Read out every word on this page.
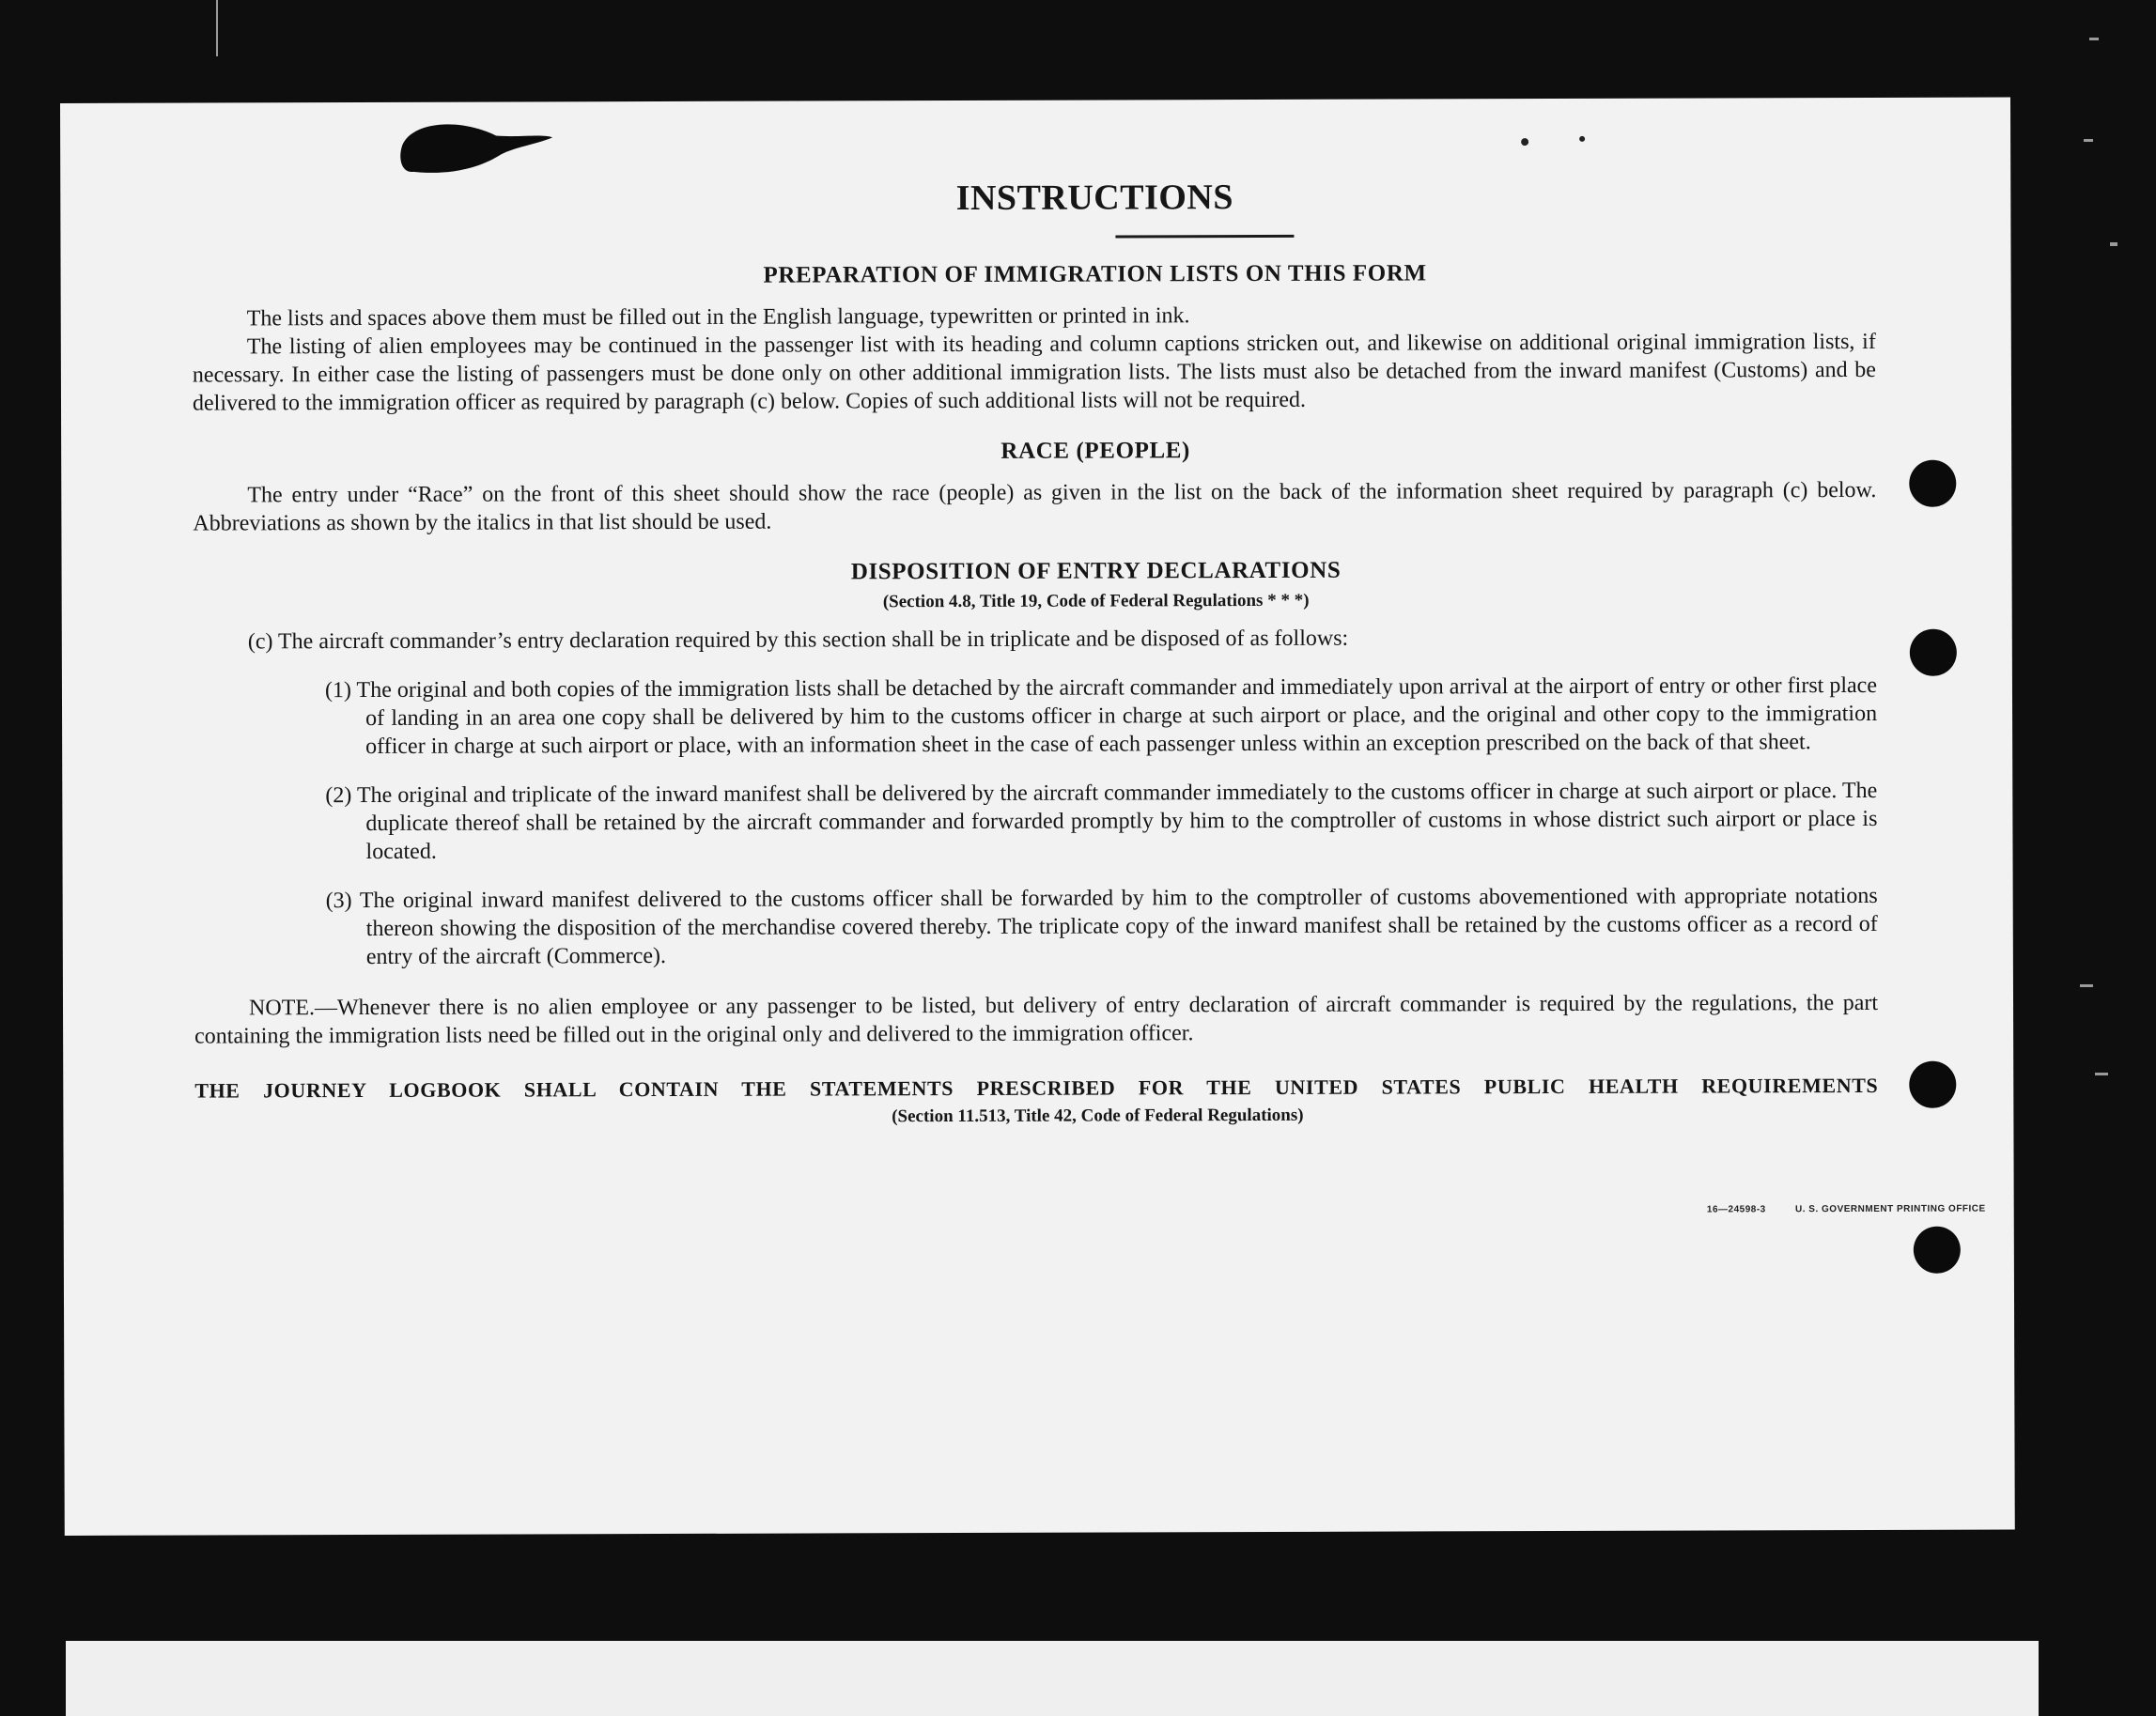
INSTRUCTIONS
PREPARATION OF IMMIGRATION LISTS ON THIS FORM

The lists and spaces above them must be filled out in the English language, typewritten or printed in ink.

The listing of alien employees may be continued in the passenger list with its heading and column captions stricken out, and likewise on additional original immigration lists, if necessary. In either case the listing of passengers must be done only on other additional immigration lists. The lists must also be detached from the inward manifest (Customs) and be delivered to the immigration officer as required by paragraph (c) below. Copies of such additional lists will not be required.

RACE (PEOPLE)

The entry under “Race” on the front of this sheet should show the race (people) as given in the list on the back of the information sheet required by paragraph (c) below. Abbreviations as shown by the italics in that list should be used.

DISPOSITION OF ENTRY DECLARATIONS
(Section 4.8, Title 19, Code of Federal Regulations * * *)

(c) The aircraft commander’s entry declaration required by this section shall be in triplicate and be disposed of as follows:

(1) The original and both copies of the immigration lists shall be detached by the aircraft commander and immediately upon arrival at the airport of entry or other first place of landing in an area one copy shall be delivered by him to the customs officer in charge at such airport or place, and the original and other copy to the immigration officer in charge at such airport or place, with an information sheet in the case of each passenger unless within an exception prescribed on the back of that sheet.

(2) The original and triplicate of the inward manifest shall be delivered by the aircraft commander immediately to the customs officer in charge at such airport or place. The duplicate thereof shall be retained by the aircraft commander and forwarded promptly by him to the comptroller of customs in whose district such airport or place is located.

(3) The original inward manifest delivered to the customs officer shall be forwarded by him to the comptroller of customs abovementioned with appropriate notations thereon showing the disposition of the merchandise covered thereby. The triplicate copy of the inward manifest shall be retained by the customs officer as a record of entry of the aircraft (Commerce).

NOTE.—Whenever there is no alien employee or any passenger to be listed, but delivery of entry declaration of aircraft commander is required by the regulations, the part containing the immigration lists need be filled out in the original only and delivered to the immigration officer.

THE JOURNEY LOGBOOK SHALL CONTAIN THE STATEMENTS PRESCRIBED FOR THE UNITED STATES PUBLIC HEALTH REQUIREMENTS

(Section 11.513, Title 42, Code of Federal Regulations)
16—24598-3	U. S. GOVERNMENT PRINTING OFFICE
